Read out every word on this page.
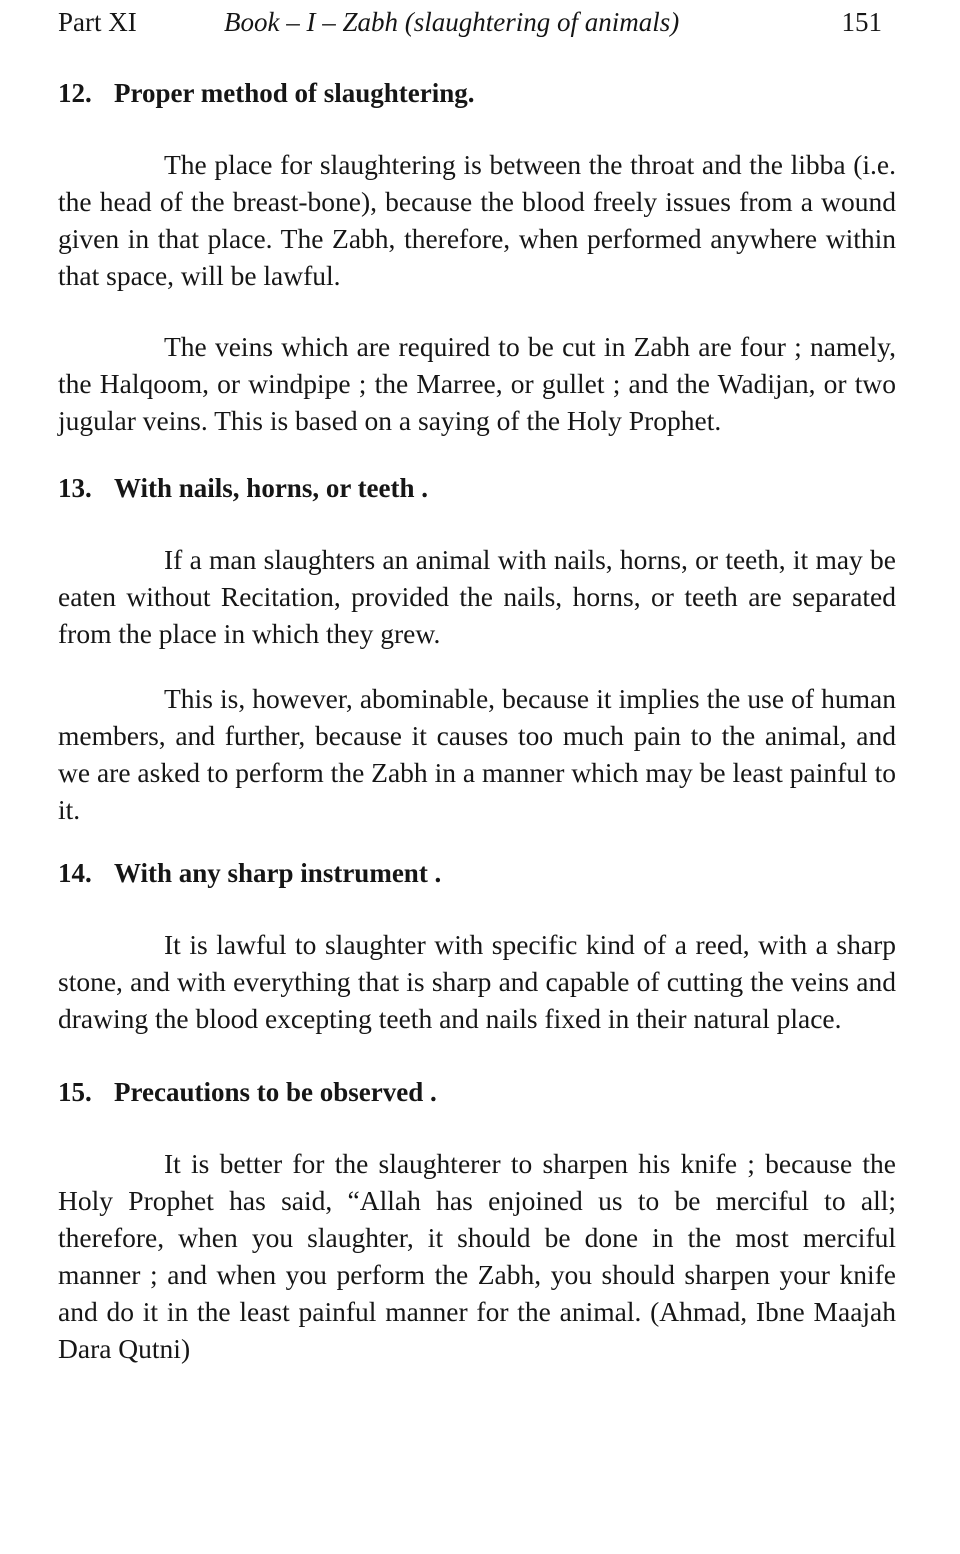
Part XI	Book – I – Zabh (slaughtering of animals)	151
12. Proper method of slaughtering.

The place for slaughtering is between the throat and the libba (i.e. the head of the breast-bone), because the blood freely issues from a wound given in that place. The Zabh, therefore, when performed anywhere within that space, will be lawful.

The veins which are required to be cut in Zabh are four ; namely, the Halqoom, or windpipe ; the Marree, or gullet ; and the Wadijan, or two jugular veins. This is based on a saying of the Holy Prophet.

13. With nails, horns, or teeth .

If a man slaughters an animal with nails, horns, or teeth, it may be eaten without Recitation, provided the nails, horns, or teeth are separated from the place in which they grew.

This is, however, abominable, because it implies the use of human members, and further, because it causes too much pain to the animal, and we are asked to perform the Zabh in a manner which may be least painful to it.

14. With any sharp instrument .

It is lawful to slaughter with specific kind of a reed, with a sharp stone, and with everything that is sharp and capable of cutting the veins and drawing the blood excepting teeth and nails fixed in their natural place.

15. Precautions to be observed .

It is better for the slaughterer to sharpen his knife ; because the Holy Prophet has said, “Allah has enjoined us to be merciful to all; therefore, when you slaughter, it should be done in the most merciful manner ; and when you perform the Zabh, you should sharpen your knife and do it in the least painful manner for the animal. (Ahmad, Ibne Maajah Dara Qutni)
